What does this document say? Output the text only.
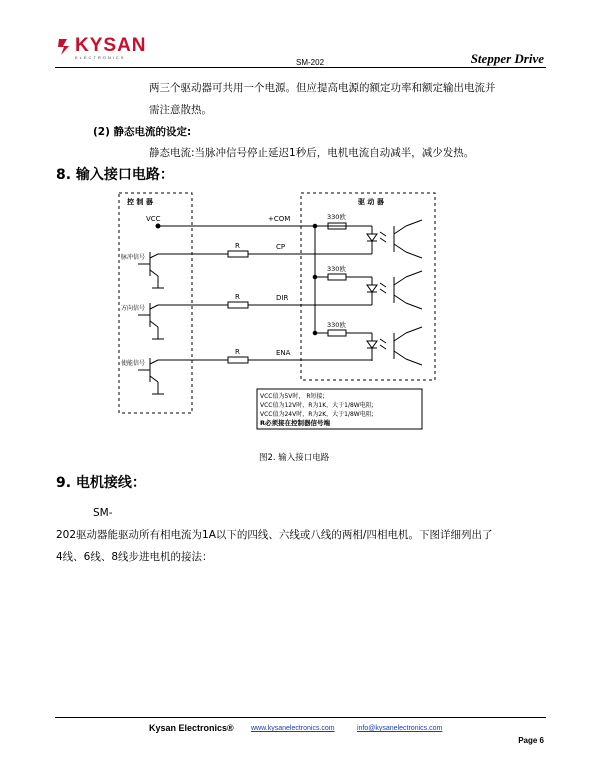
KYSAN
ELECTRONICS
SM-202	Stepper Drive
两三个驱动器可共用一个电源。但应提高电源的额定功率和额定输出电流并
需注意散热。
(2) 静态电流的设定:
静态电流:当脉冲信号停止延迟1秒后，电机电流自动减半，减少发热。
8. 输入接口电路：
控 制 器	驱 动 器
VCC	+COM	330欧
330欧
330欧
R
R
R
CP
DIR
ENA
脉冲信号
方向信号
使能信号
VCC值为5V时， R短接;
VCC值为12V时，R为1K，大于1/8W电阻;
VCC值为24V时，R为2K，大于1/8W电阻;
R必须接在控制器信号端
图2. 输入接口电路
9. 电机接线：
SM-
202驱动器能驱动所有相电流为1A以下的四线、六线或八线的两相/四相电机。下图详细列出了
4线、6线、8线步进电机的接法：
Kysan Electronics® www.kysanelectronics.com	info@kysanelectronics.com
Page 6
